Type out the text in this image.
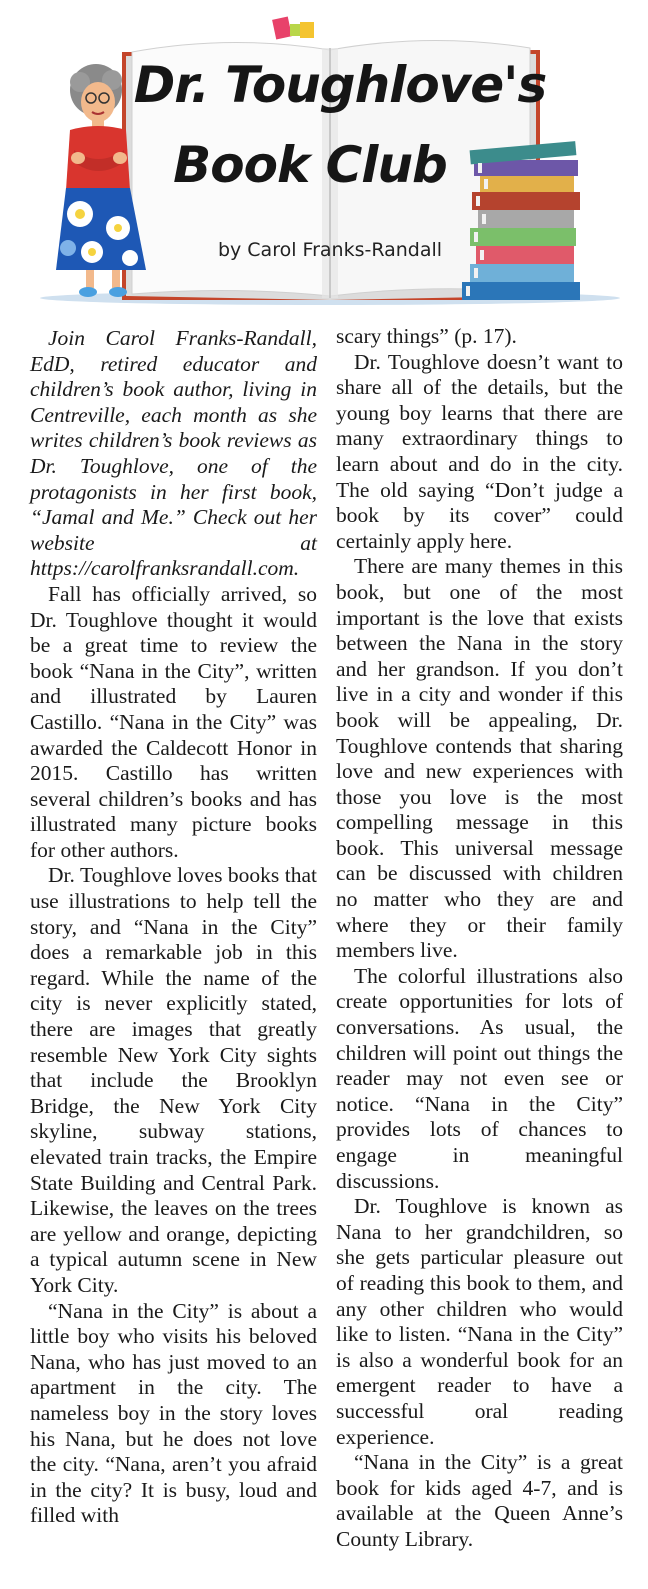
Dr. Toughlove's
Book Club
by Carol Franks-Randall

Join Carol Franks-Randall, EdD, retired educator and children’s book author, living in Centreville, each month as she writes children’s book reviews as Dr. Toughlove, one of the protagonists in her first book, “Jamal and Me.” Check out her website at https://carolfranksrandall.com.

Fall has officially arrived, so Dr. Toughlove thought it would be a great time to review the book “Nana in the City”, written and illustrated by Lauren Castillo. “Nana in the City” was awarded the Caldecott Honor in 2015. Castillo has written several children’s books and has illustrated many picture books for other authors.

Dr. Toughlove loves books that use illustrations to help tell the story, and “Nana in the City” does a remarkable job in this regard. While the name of the city is never explicitly stated, there are images that greatly resemble New York City sights that include the Brooklyn Bridge, the New York City skyline, subway stations, elevated train tracks, the Empire State Building and Central Park. Likewise, the leaves on the trees are yellow and orange, depicting a typical autumn scene in New York City.

“Nana in the City” is about a little boy who visits his beloved Nana, who has just moved to an apartment in the city. The nameless boy in the story loves his Nana, but he does not love the city. “Nana, aren’t you afraid in the city? It is busy, loud and filled with

scary things” (p. 17).

Dr. Toughlove doesn’t want to share all of the details, but the young boy learns that there are many extraordinary things to learn about and do in the city. The old saying “Don’t judge a book by its cover” could certainly apply here.

There are many themes in this book, but one of the most important is the love that exists between the Nana in the story and her grandson. If you don’t live in a city and wonder if this book will be appealing, Dr. Toughlove contends that sharing love and new experiences with those you love is the most compelling message in this book. This universal message can be discussed with children no matter who they are and where they or their family members live.

The colorful illustrations also create opportunities for lots of conversations. As usual, the children will point out things the reader may not even see or notice. “Nana in the City” provides lots of chances to engage in meaningful discussions.

Dr. Toughlove is known as Nana to her grandchildren, so she gets particular pleasure out of reading this book to them, and any other children who would like to listen. “Nana in the City” is also a wonderful book for an emergent reader to have a successful oral reading experience.

“Nana in the City” is a great book for kids aged 4-7, and is available at the Queen Anne’s County Library.
